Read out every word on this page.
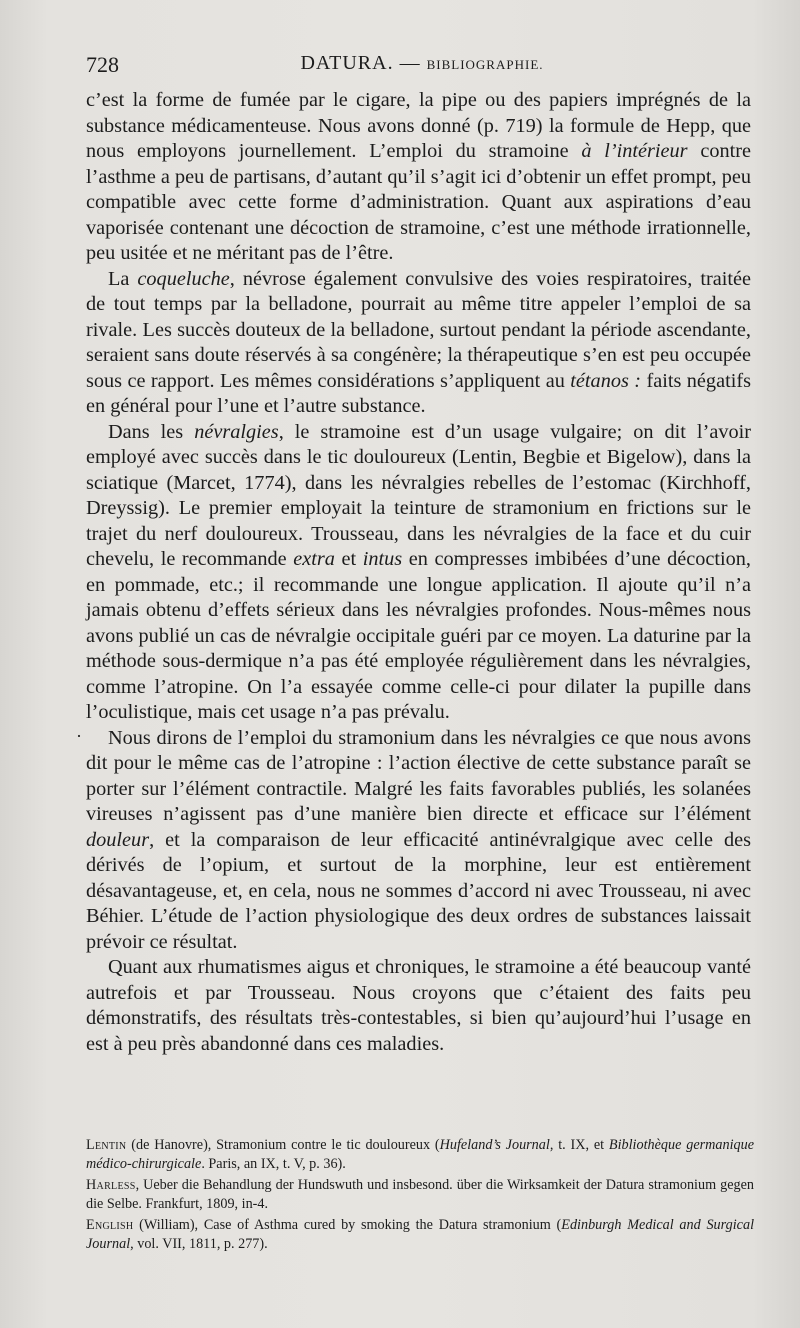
728	DATURA. — BIBLIOGRAPHIE.
·

c’est la forme de fumée par le cigare, la pipe ou des papiers imprégnés de la substance médicamenteuse. Nous avons donné (p. 719) la formule de Hepp, que nous employons journellement. L’emploi du stramoine à l’intérieur contre l’asthme a peu de partisans, d’autant qu’il s’agit ici d’obtenir un effet prompt, peu compatible avec cette forme d’administration. Quant aux aspirations d’eau vaporisée contenant une décoction de stramoine, c’est une méthode irrationnelle, peu usitée et ne méritant pas de l’être.

La coqueluche, névrose également convulsive des voies respiratoires, traitée de tout temps par la belladone, pourrait au même titre appeler l’emploi de sa rivale. Les succès douteux de la belladone, surtout pendant la période ascendante, seraient sans doute réservés à sa congénère; la thérapeutique s’en est peu occupée sous ce rapport. Les mêmes considérations s’appliquent au tétanos : faits négatifs en général pour l’une et l’autre substance.

Dans les névralgies, le stramoine est d’un usage vulgaire; on dit l’avoir employé avec succès dans le tic douloureux (Lentin, Begbie et Bigelow), dans la sciatique (Marcet, 1774), dans les névralgies rebelles de l’estomac (Kirchhoff, Dreyssig). Le premier employait la teinture de stramonium en frictions sur le trajet du nerf douloureux. Trousseau, dans les névralgies de la face et du cuir chevelu, le recommande extra et intus en compresses imbibées d’une décoction, en pommade, etc.; il recommande une longue application. Il ajoute qu’il n’a jamais obtenu d’effets sérieux dans les névralgies profondes. Nous-mêmes nous avons publié un cas de névralgie occipitale guéri par ce moyen. La daturine par la méthode sous-dermique n’a pas été employée régulièrement dans les névralgies, comme l’atropine. On l’a essayée comme celle-ci pour dilater la pupille dans l’oculistique, mais cet usage n’a pas prévalu.

Nous dirons de l’emploi du stramonium dans les névralgies ce que nous avons dit pour le même cas de l’atropine : l’action élective de cette substance paraît se porter sur l’élément contractile. Malgré les faits favorables publiés, les solanées vireuses n’agissent pas d’une manière bien directe et efficace sur l’élément douleur, et la comparaison de leur efficacité antinévralgique avec celle des dérivés de l’opium, et surtout de la morphine, leur est entièrement désavantageuse, et, en cela, nous ne sommes d’accord ni avec Trousseau, ni avec Béhier. L’étude de l’action physiologique des deux ordres de substances laissait prévoir ce résultat.

Quant aux rhumatismes aigus et chroniques, le stramoine a été beaucoup vanté autrefois et par Trousseau. Nous croyons que c’étaient des faits peu démonstratifs, des résultats très-contestables, si bien qu’aujourd’hui l’usage en est à peu près abandonné dans ces maladies.

Lentin (de Hanovre), Stramonium contre le tic douloureux (Hufeland’s Journal, t. IX, et Bibliothèque germanique médico-chirurgicale. Paris, an IX, t. V, p. 36).

Harless, Ueber die Behandlung der Hundswuth und insbesond. über die Wirksamkeit der Datura stramonium gegen die Selbe. Frankfurt, 1809, in-4.

English (William), Case of Asthma cured by smoking the Datura stramonium (Edinburgh Medical and Surgical Journal, vol. VII, 1811, p. 277).
